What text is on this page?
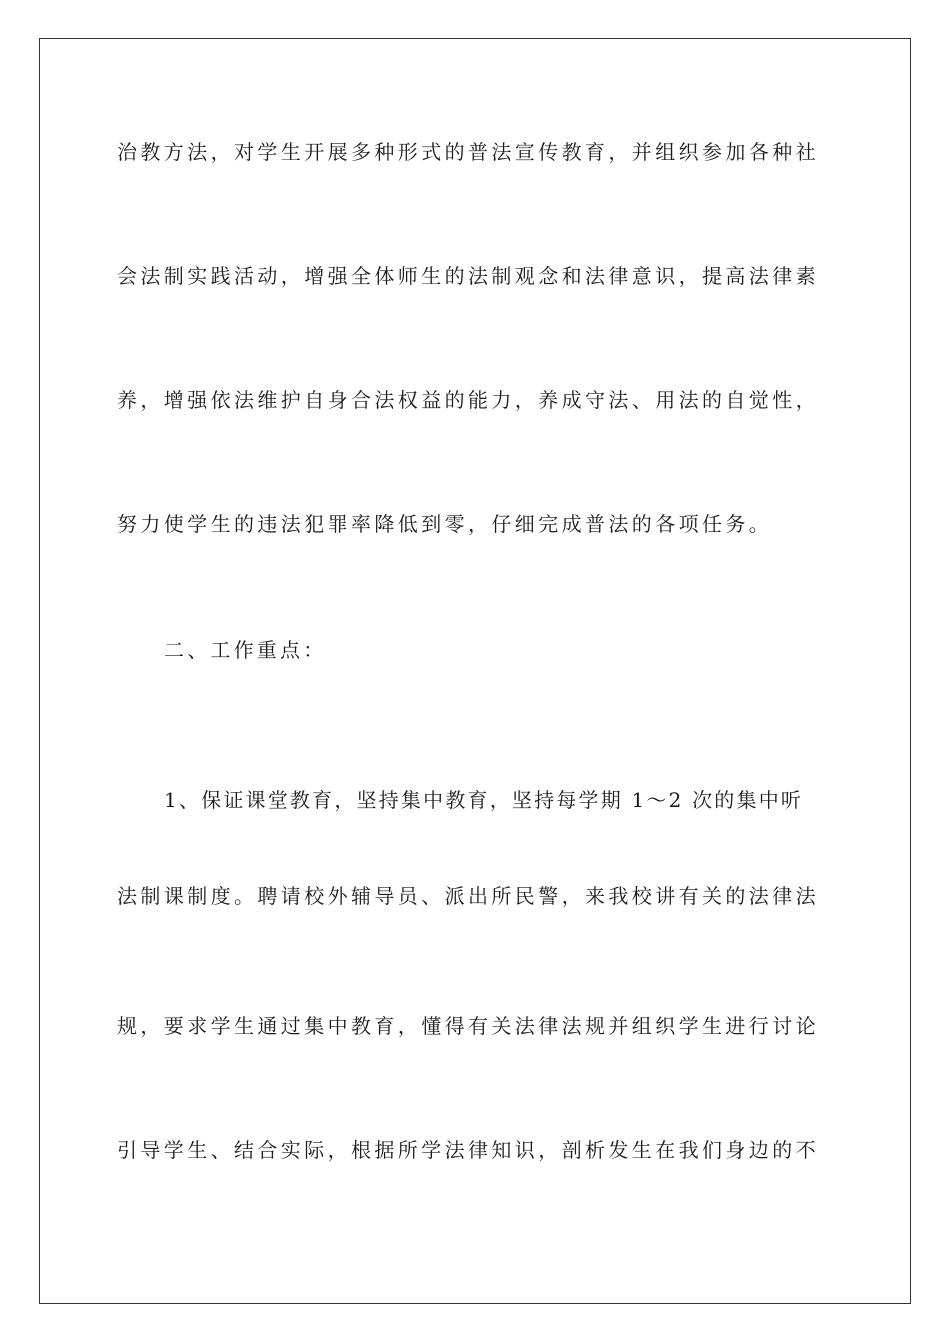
治教方法，对学生开展多种形式的普法宣传教育，并组织参加各种社
会法制实践活动，增强全体师生的法制观念和法律意识，提高法律素
养，增强依法维护自身合法权益的能力，养成守法、用法的自觉性，
努力使学生的违法犯罪率降低到零，仔细完成普法的各项任务。
二、工作重点：
1、保证课堂教育，坚持集中教育，坚持每学期 1～2 次的集中听
法制课制度。聘请校外辅导员、派出所民警，来我校讲有关的法律法
规，要求学生通过集中教育，懂得有关法律法规并组织学生进行讨论
引导学生、结合实际，根据所学法律知识，剖析发生在我们身边的不
